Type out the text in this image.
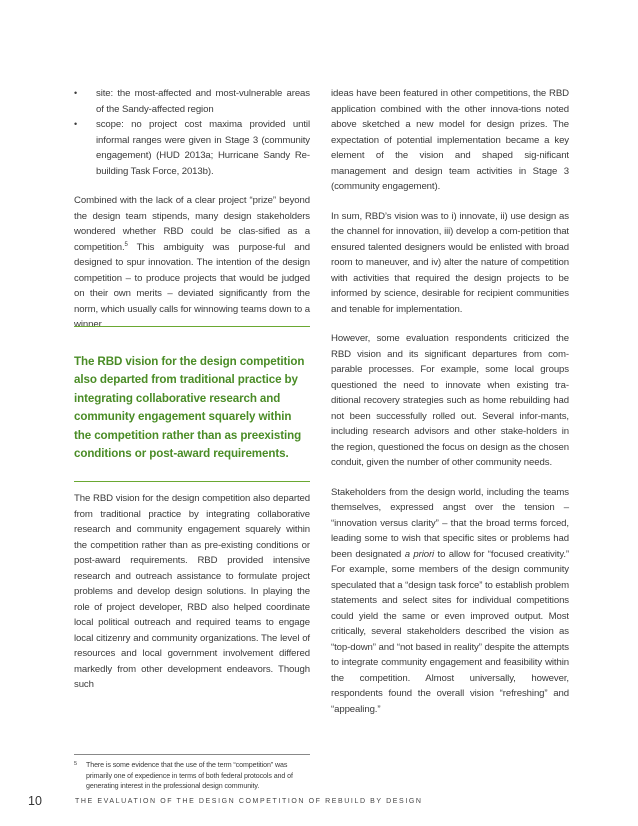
• site: the most-affected and most-vulnerable areas of the Sandy-affected region
• scope: no project cost maxima provided until informal ranges were given in Stage 3 (community engagement) (HUD 2013a; Hurricane Sandy Re-building Task Force, 2013b).

Combined with the lack of a clear project “prize” beyond the design team stipends, many design stakeholders wondered whether RBD could be clas-sified as a competition.$^5$ This ambiguity was purpose-ful and designed to spur innovation. The intention of the design competition – to produce projects that would be judged on their own merits – deviated significantly from the norm, which usually calls for winnowing teams down to a winner.

The RBD vision for the design competition also departed from traditional practice by integrating collaborative research and community engagement squarely within the competition rather than as preexisting conditions or post-award requirements.

The RBD vision for the design competition also departed from traditional practice by integrating collaborative research and community engagement squarely within the competition rather than as pre-existing conditions or post-award requirements. RBD provided intensive research and outreach assistance to formulate project problems and develop design solutions. In playing the role of project developer, RBD also helped coordinate local political outreach and required teams to engage local citizenry and community organizations. The level of resources and local government involvement differed markedly from other development endeavors. Though such

5 There is some evidence that the use of the term “competition” was primarily one of expedience in terms of both federal protocols and of generating interest in the professional design community.

ideas have been featured in other competitions, the RBD application combined with the other innova-tions noted above sketched a new model for design prizes. The expectation of potential implementation became a key element of the vision and shaped sig-nificant management and design team activities in Stage 3 (community engagement).

In sum, RBD’s vision was to i) innovate, ii) use design as the channel for innovation, iii) develop a com-petition that ensured talented designers would be enlisted with broad room to maneuver, and iv) alter the nature of competition with activities that required the design projects to be informed by science, desirable for recipient communities and tenable for implementation.

However, some evaluation respondents criticized the RBD vision and its significant departures from com-parable processes. For example, some local groups questioned the need to innovate when existing tra-ditional recovery strategies such as home rebuilding had not been successfully rolled out. Several infor-mants, including research advisors and other stake-holders in the region, questioned the focus on design as the chosen conduit, given the number of other community needs.

Stakeholders from the design world, including the teams themselves, expressed angst over the tension – “innovation versus clarity” – that the broad terms forced, leading some to wish that specific sites or problems had been designated a priori to allow for “focused creativity.” For example, some members of the design community speculated that a “design task force” to establish problem statements and select sites for individual competitions could yield the same or even improved output. Most critically, several stakeholders described the vision as “top-down” and “not based in reality” despite the attempts to integrate community engagement and feasibility within the competition. Almost universally, however, respondents found the overall vision “refreshing” and “appealing.”

10	THE EVALUATION OF THE DESIGN COMPETITION OF REBUILD BY DESIGN
